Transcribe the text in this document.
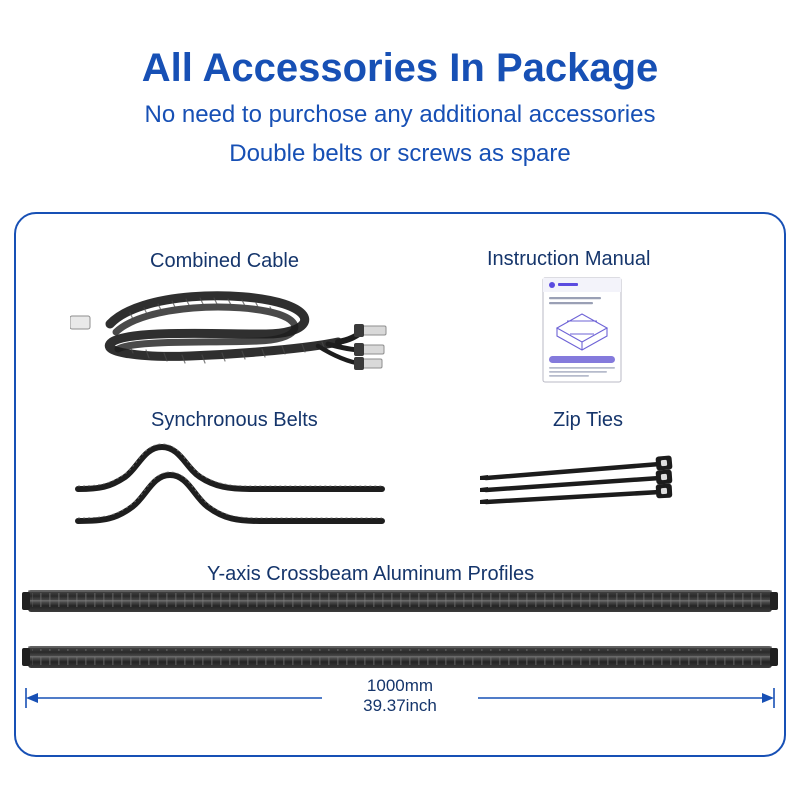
All Accessories In Package

No need to purchose any additional accessories

Double belts or screws as spare

Combined Cable	Instruction Manual
Synchronous Belts	Zip Ties
Y-axis Crossbeam Aluminum Profiles
1000mm
39.37inch
